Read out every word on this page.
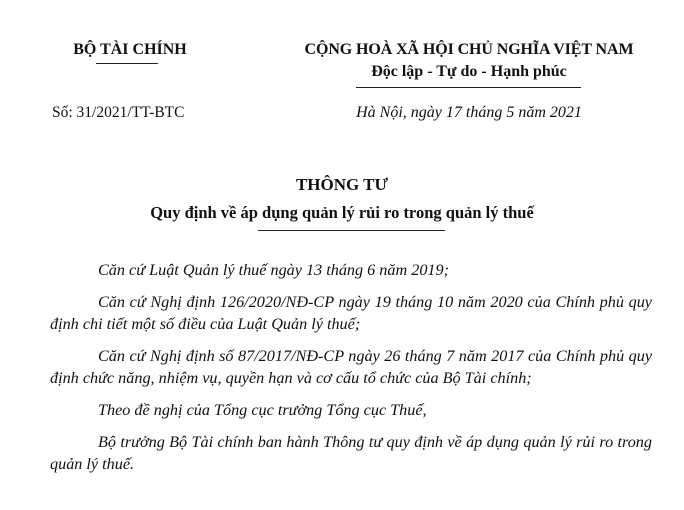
BỘ TÀI CHÍNH
Số: 31/2021/TT-BTC
CỘNG HOÀ XÃ HỘI CHỦ NGHĨA VIỆT NAM
Độc lập - Tự do - Hạnh phúc
Hà Nội, ngày 17 tháng 5 năm 2021
THÔNG TƯ
Quy định về áp dụng quản lý rủi ro trong quản lý thuế

Căn cứ Luật Quản lý thuế ngày 13 tháng 6 năm 2019;

Căn cứ Nghị định 126/2020/NĐ-CP ngày 19 tháng 10 năm 2020 của Chính phủ quy định chi tiết một số điều của Luật Quản lý thuế;

Căn cứ Nghị định số 87/2017/NĐ-CP ngày 26 tháng 7 năm 2017 của Chính phủ quy định chức năng, nhiệm vụ, quyền hạn và cơ cấu tổ chức của Bộ Tài chính;

Theo đề nghị của Tổng cục trưởng Tổng cục Thuế,

Bộ trưởng Bộ Tài chính ban hành Thông tư quy định về áp dụng quản lý rủi ro trong quản lý thuế.
